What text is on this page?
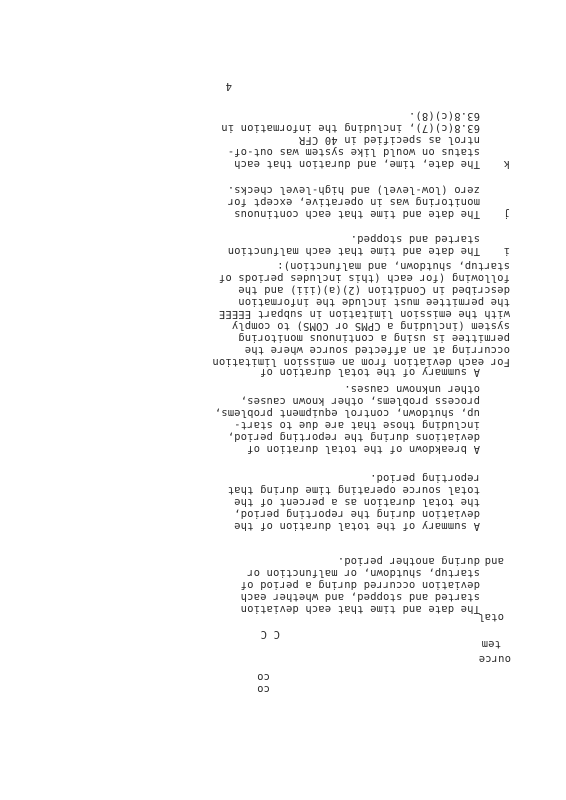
co
co
C C
ource
tem
otal
The date and time that each deviation
started and stopped, and whether each
deviation occurred during a period of
startup, shutdown, or malfunction or
during another period. and
A summary of the total duration of the
deviation during the reporting period,
the total duration as a percent of the
total source operating time during that
reporting period.
A breakdown of the total duration of
deviations during the reporting period,
including those that are due to start-
up, shutdown, control equipment problems,
process problems, other known causes,
other unknown causes.
A summary of the total duration of
For each deviation from an emission limitation
occurring at an affected source where the
permittee is using a continuous monitoring
system (including a CPMS or COMS) to comply
with the emission limitation in subpart EEEEE
the permittee must include the information
described in Condition (2)(a)(iii) and the
following (for each (this includes periods of
startup, shutdown, and malfunction):
i
The date and time that each malfunction
started and stopped.
j
The date and time that each continuous
monitoring was in operative, except for
zero (low-level) and high-level checks.
k
The date, time, and duration that each
status on would like system was out-of-
ntrol as specified in 40 CFR
63.8(c)(7), including the information in
63.8(c)(8).
4
